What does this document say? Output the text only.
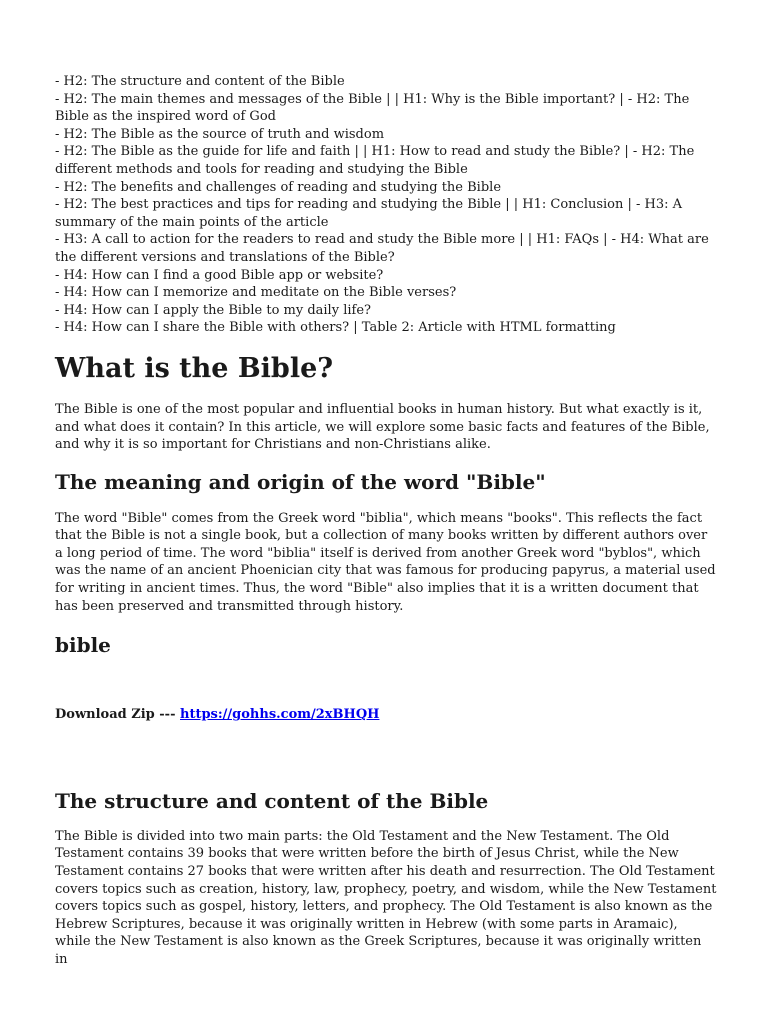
- H2: The structure and content of the Bible

- H2: The main themes and messages of the Bible | | H1: Why is the Bible important? | - H2: The Bible as the inspired word of God

- H2: The Bible as the source of truth and wisdom

- H2: The Bible as the guide for life and faith | | H1: How to read and study the Bible? | - H2: The different methods and tools for reading and studying the Bible

- H2: The benefits and challenges of reading and studying the Bible

- H2: The best practices and tips for reading and studying the Bible | | H1: Conclusion | - H3: A summary of the main points of the article

- H3: A call to action for the readers to read and study the Bible more | | H1: FAQs | - H4: What are the different versions and translations of the Bible?

- H4: How can I find a good Bible app or website?

- H4: How can I memorize and meditate on the Bible verses?

- H4: How can I apply the Bible to my daily life?

- H4: How can I share the Bible with others? | Table 2: Article with HTML formatting

What is the Bible?

The Bible is one of the most popular and influential books in human history. But what exactly is it, and what does it contain? In this article, we will explore some basic facts and features of the Bible, and why it is so important for Christians and non-Christians alike.

The meaning and origin of the word "Bible"

The word "Bible" comes from the Greek word "biblia", which means "books". This reflects the fact that the Bible is not a single book, but a collection of many books written by different authors over a long period of time. The word "biblia" itself is derived from another Greek word "byblos", which was the name of an ancient Phoenician city that was famous for producing papyrus, a material used for writing in ancient times. Thus, the word "Bible" also implies that it is a written document that has been preserved and transmitted through history.

bible
Download Zip --- https://gohhs.com/2xBHQH
The structure and content of the Bible

The Bible is divided into two main parts: the Old Testament and the New Testament. The Old Testament contains 39 books that were written before the birth of Jesus Christ, while the New Testament contains 27 books that were written after his death and resurrection. The Old Testament covers topics such as creation, history, law, prophecy, poetry, and wisdom, while the New Testament covers topics such as gospel, history, letters, and prophecy. The Old Testament is also known as the Hebrew Scriptures, because it was originally written in Hebrew (with some parts in Aramaic), while the New Testament is also known as the Greek Scriptures, because it was originally written in
